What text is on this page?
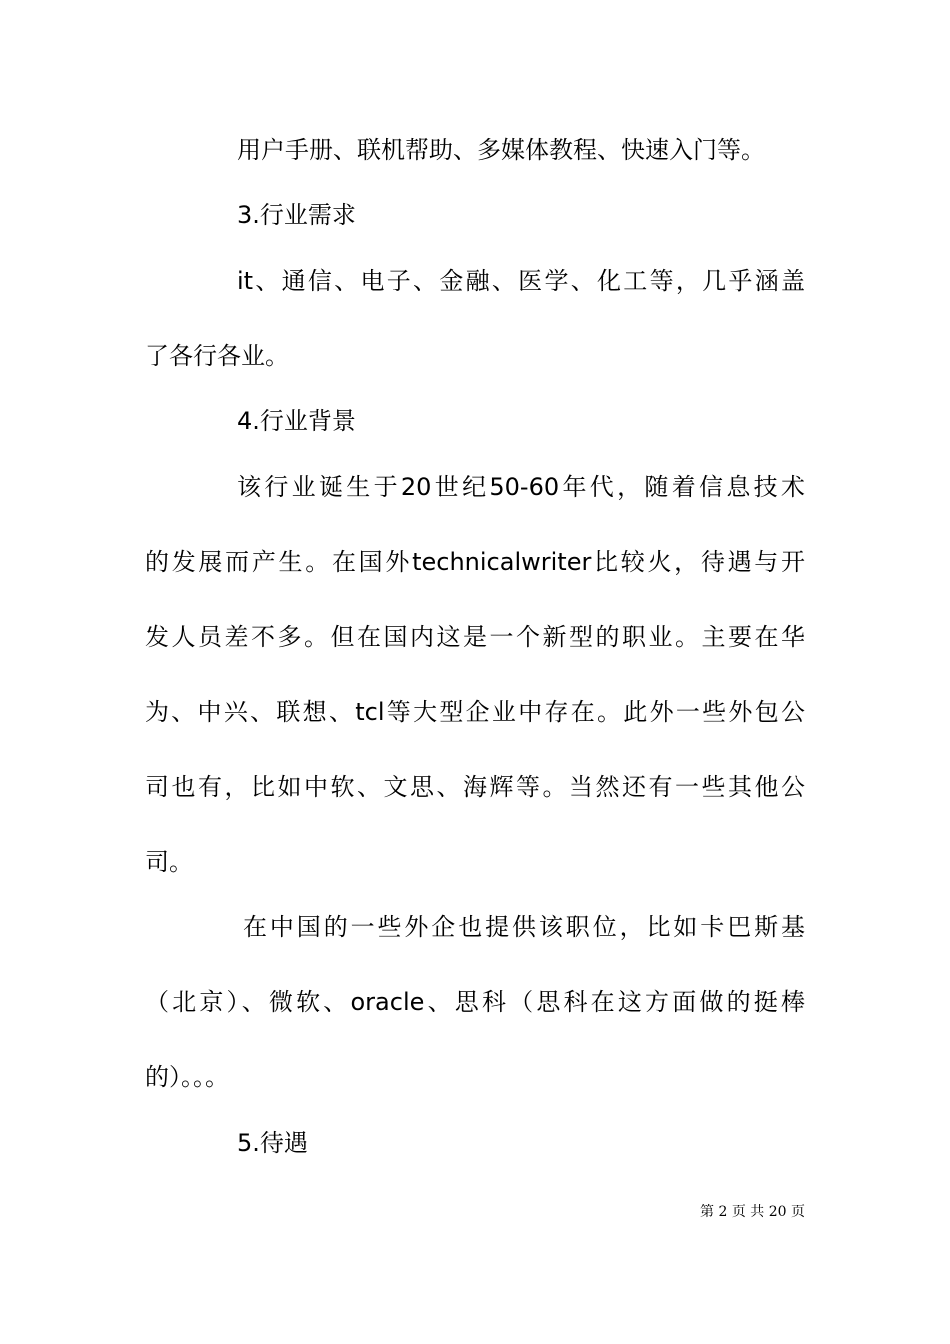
用户手册、联机帮助、多媒体教程、快速入门等。

3.行业需求

it、通信、电子、金融、医学、化工等，几乎涵盖

了各行各业。

4.行业背景

该行业诞生于20世纪50-60年代，随着信息技术

的发展而产生。在国外technicalwriter比较火，待遇与开

发人员差不多。但在国内这是一个新型的职业。主要在华

为、中兴、联想、tcl等大型企业中存在。此外一些外包公

司也有，比如中软、文思、海辉等。当然还有一些其他公

司。

在中国的一些外企也提供该职位，比如卡巴斯基

（北京）、微软、oracle、思科（思科在这方面做的挺棒

的）。。。

5.待遇

第 2 页 共 20 页
